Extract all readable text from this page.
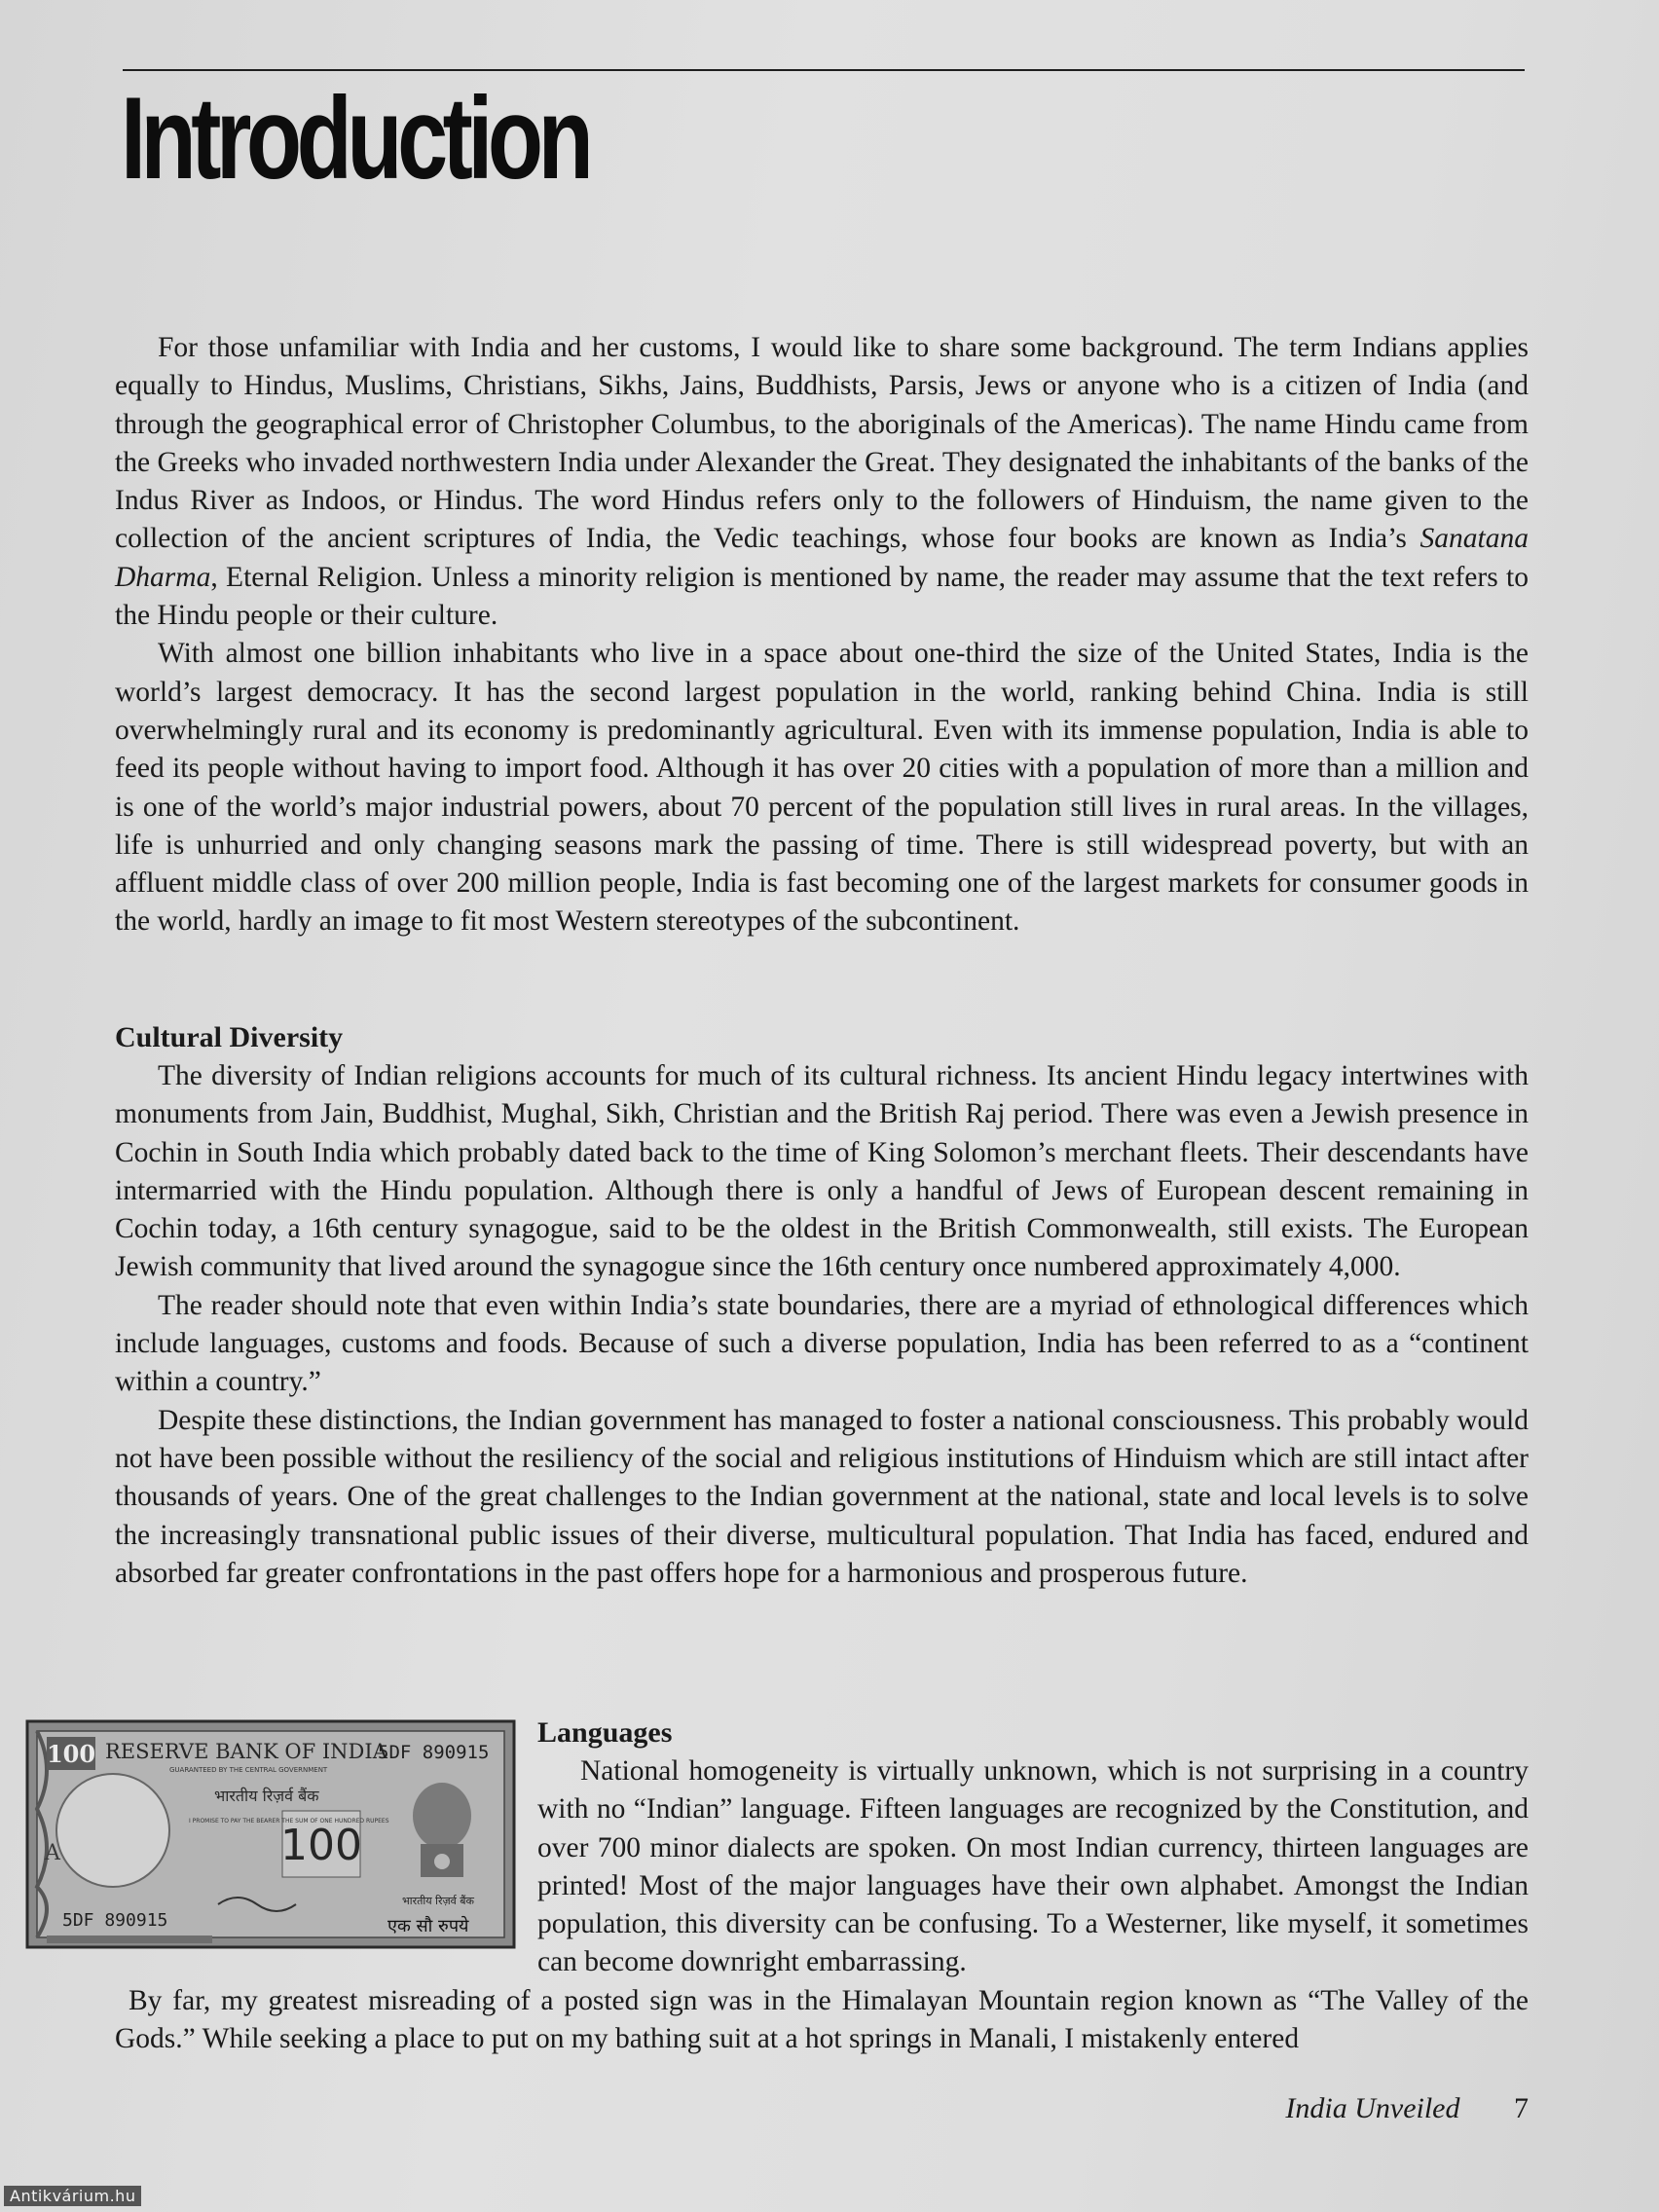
Introduction

For those unfamiliar with India and her customs, I would like to share some background. The term Indians applies equally to Hindus, Muslims, Christians, Sikhs, Jains, Buddhists, Parsis, Jews or anyone who is a citizen of India (and through the geographical error of Christopher Columbus, to the aboriginals of the Americas). The name Hindu came from the Greeks who invaded northwestern India under Alexander the Great. They designated the inhabitants of the banks of the Indus River as Indoos, or Hindus. The word Hindus refers only to the followers of Hinduism, the name given to the collection of the ancient scriptures of India, the Vedic teachings, whose four books are known as India’s Sanatana Dharma, Eternal Religion. Unless a minority religion is mentioned by name, the reader may assume that the text refers to the Hindu people or their culture.

With almost one billion inhabitants who live in a space about one-third the size of the United States, India is the world’s largest democracy. It has the second largest population in the world, ranking behind China. India is still overwhelmingly rural and its economy is predominantly agricultural. Even with its immense population, India is able to feed its people without having to import food. Although it has over 20 cities with a population of more than a million and is one of the world’s major industrial powers, about 70 percent of the population still lives in rural areas. In the villages, life is unhurried and only changing seasons mark the passing of time. There is still widespread poverty, but with an affluent middle class of over 200 million people, India is fast becoming one of the largest markets for consumer goods in the world, hardly an image to fit most Western stereotypes of the subcontinent.

Cultural Diversity

The diversity of Indian religions accounts for much of its cultural richness. Its ancient Hindu legacy intertwines with monuments from Jain, Buddhist, Mughal, Sikh, Christian and the British Raj period. There was even a Jewish presence in Cochin in South India which probably dated back to the time of King Solomon’s merchant fleets. Their descendants have intermarried with the Hindu population. Although there is only a handful of Jews of European descent remaining in Cochin today, a 16th century synagogue, said to be the oldest in the British Commonwealth, still exists. The European Jewish community that lived around the synagogue since the 16th century once numbered approximately 4,000.

The reader should note that even within India’s state boundaries, there are a myriad of ethnological differences which include languages, customs and foods. Because of such a diverse population, India has been referred to as a “continent within a country.”

Despite these distinctions, the Indian government has managed to foster a national consciousness. This probably would not have been possible without the resiliency of the social and religious institutions of Hinduism which are still intact after thousands of years. One of the great challenges to the Indian government at the national, state and local levels is to solve the increasingly transnational public issues of their diverse, multicultural population. That India has faced, endured and absorbed far greater confrontations in the past offers hope for a harmonious and prosperous future.

100 RESERVE BANK OF INDIA
GUARANTEED BY THE CENTRAL GOVERNMENT
5DF 890915
भारतीय रिज़र्व बैंक
100
I PROMISE TO PAY THE BEARER THE SUM OF ONE HUNDRED RUPEES
भारतीय रिज़र्व बैंक
5DF 890915	एक सौ रुपये
A
Languages

National homogeneity is virtually unknown, which is not surprising in a country with no “Indian” language. Fifteen languages are recognized by the Constitution, and over 700 minor dialects are spoken. On most Indian currency, thirteen languages are printed! Most of the major languages have their own alphabet. Amongst the Indian population, this diversity can be confusing. To a Westerner, like myself, it sometimes can become downright embarrassing.

By far, my greatest misreading of a posted sign was in the Himalayan Mountain region known as “The Valley of the Gods.” While seeking a place to put on my bathing suit at a hot springs in Manali, I mistakenly entered

India Unveiled 7
Antikvárium.hu
